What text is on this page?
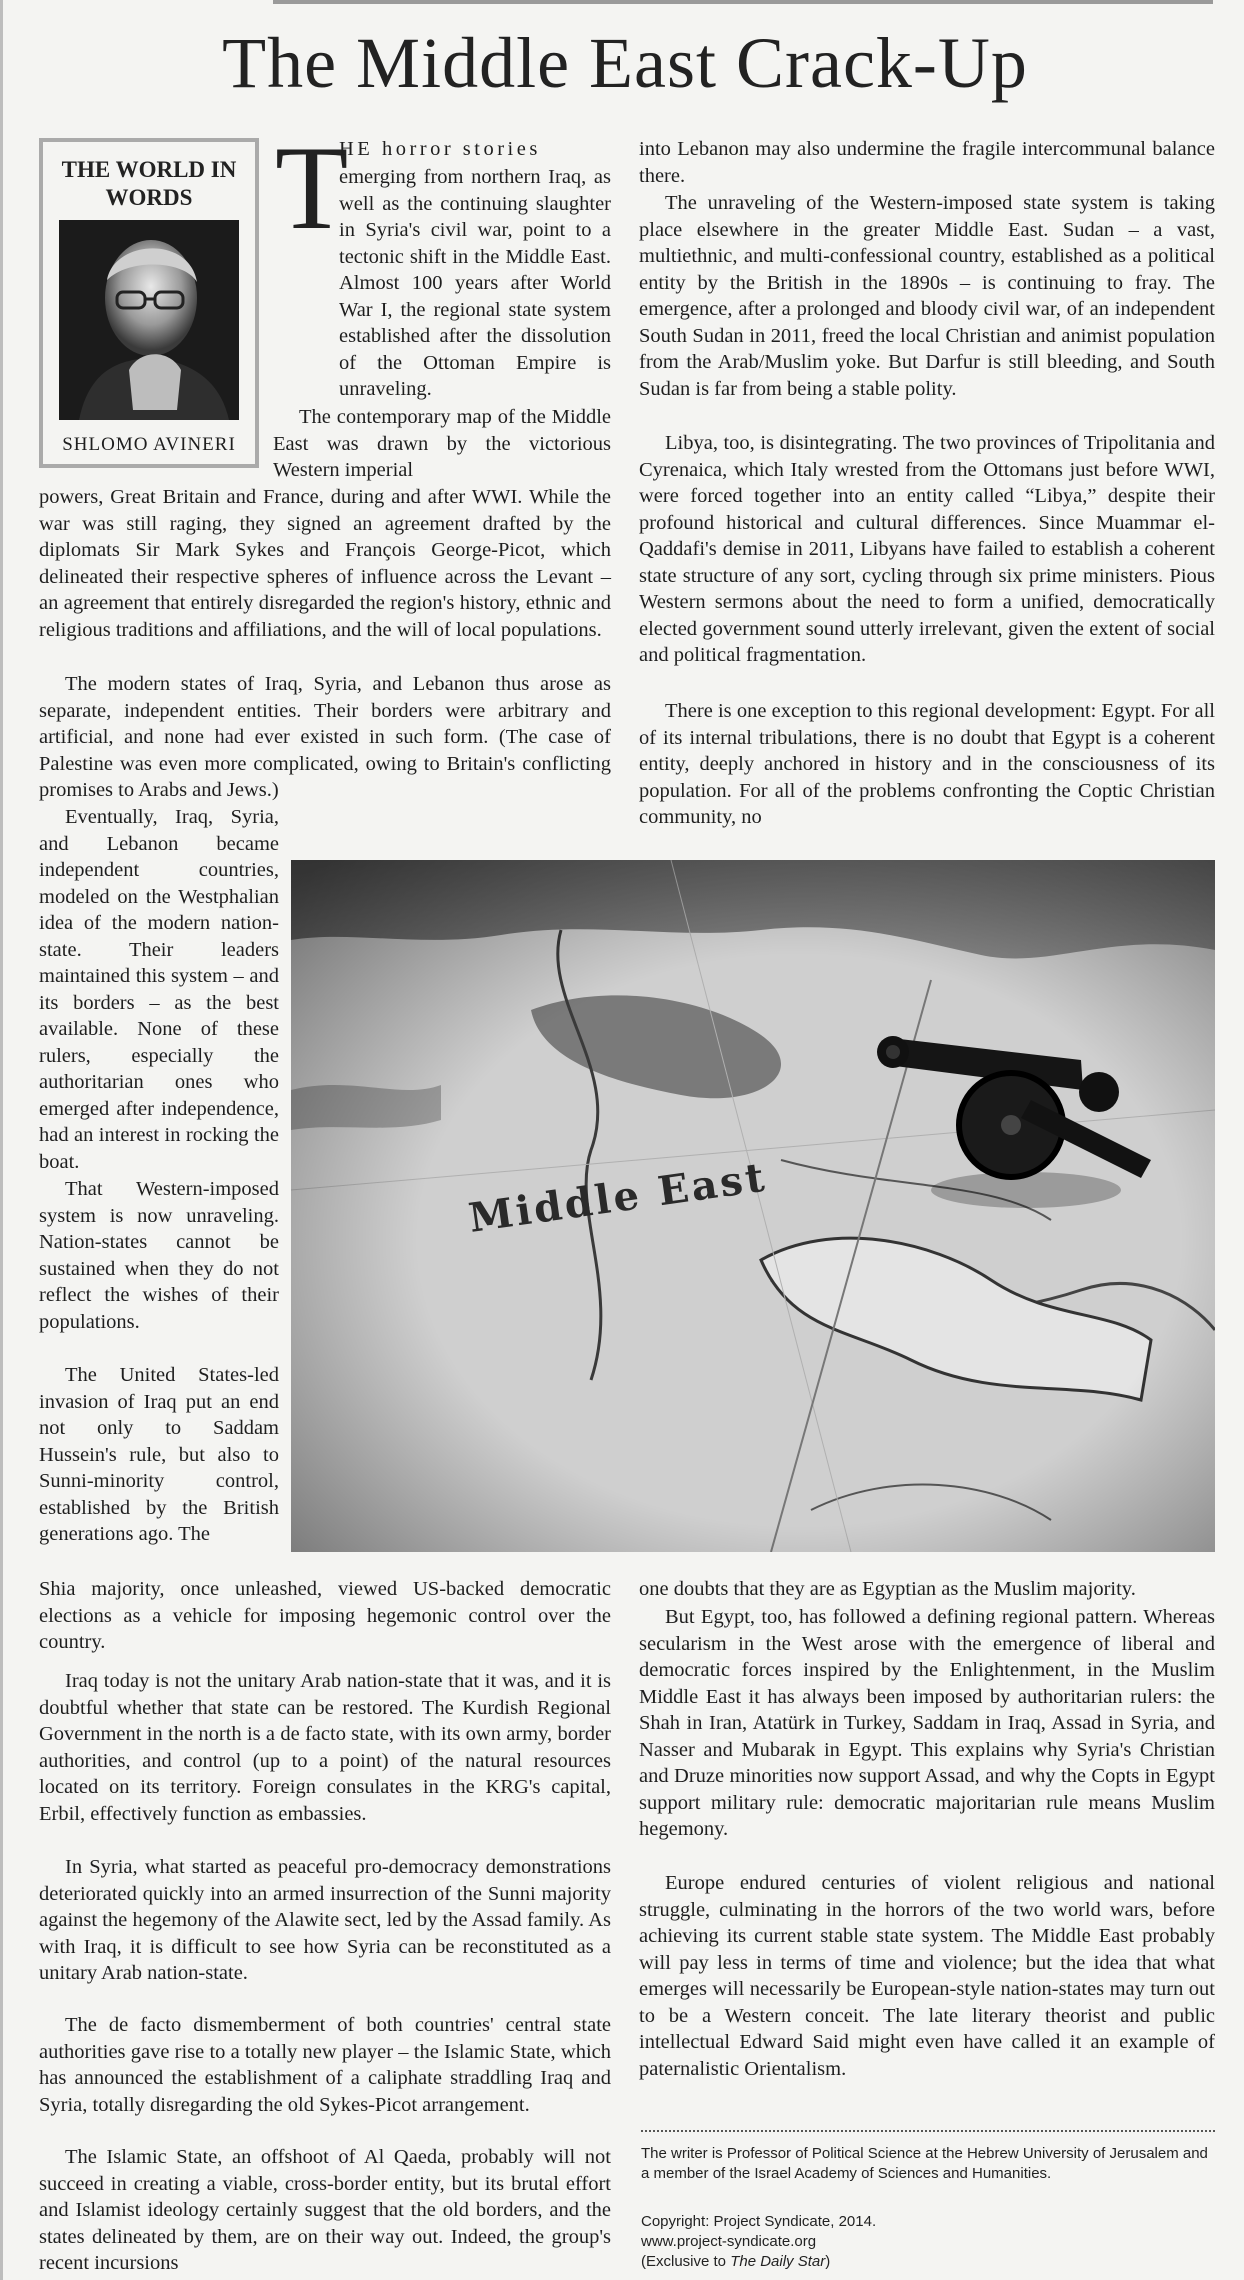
The Middle East Crack-Up
THE WORLD IN WORDS
SHLOMO AVINERI
T

HE horror stories

emerging from northern Iraq, as well as the continuing slaughter in Syria's civil war, point to a tectonic shift in the Middle East. Almost 100 years after World War I, the regional state system established after the dissolution of the Ottoman Empire is unraveling.

The contemporary map of the Middle East was drawn by the victorious Western imperial

powers, Great Britain and France, during and after WWI. While the war was still raging, they signed an agreement drafted by the diplomats Sir Mark Sykes and François George-Picot, which delineated their respective spheres of influence across the Levant – an agreement that entirely disregarded the region's history, ethnic and religious traditions and affiliations, and the will of local populations.

The modern states of Iraq, Syria, and Lebanon thus arose as separate, independent entities. Their borders were arbitrary and artificial, and none had ever existed in such form. (The case of Palestine was even more complicated, owing to Britain's conflicting promises to Arabs and Jews.)

Eventually, Iraq, Syria, and Lebanon became independent countries, modeled on the Westphalian idea of the modern nation-state. Their leaders maintained this system – and its borders – as the best available. None of these rulers, especially the authoritarian ones who emerged after independence, had an interest in rocking the boat.

That Western-imposed system is now unraveling. Nation-states cannot be sustained when they do not reflect the wishes of their populations.

The United States-led invasion of Iraq put an end not only to Saddam Hussein's rule, but also to Sunni-minority control, established by the British generations ago. The

Shia majority, once unleashed, viewed US-backed democratic elections as a vehicle for imposing hegemonic control over the country.

Iraq today is not the unitary Arab nation-state that it was, and it is doubtful whether that state can be restored. The Kurdish Regional Government in the north is a de facto state, with its own army, border authorities, and control (up to a point) of the natural resources located on its territory. Foreign consulates in the KRG's capital, Erbil, effectively function as embassies.

In Syria, what started as peaceful pro-democracy demonstrations deteriorated quickly into an armed insurrection of the Sunni majority against the hegemony of the Alawite sect, led by the Assad family. As with Iraq, it is difficult to see how Syria can be reconstituted as a unitary Arab nation-state.

The de facto dismemberment of both countries' central state authorities gave rise to a totally new player – the Islamic State, which has announced the establishment of a caliphate straddling Iraq and Syria, totally disregarding the old Sykes-Picot arrangement.

The Islamic State, an offshoot of Al Qaeda, probably will not succeed in creating a viable, cross-border entity, but its brutal effort and Islamist ideology certainly suggest that the old borders, and the states delineated by them, are on their way out. Indeed, the group's recent incursions

into Lebanon may also undermine the fragile intercommunal balance there.

The unraveling of the Western-imposed state system is taking place elsewhere in the greater Middle East. Sudan – a vast, multiethnic, and multi-confessional country, established as a political entity by the British in the 1890s – is continuing to fray. The emergence, after a prolonged and bloody civil war, of an independent South Sudan in 2011, freed the local Christian and animist population from the Arab/Muslim yoke. But Darfur is still bleeding, and South Sudan is far from being a stable polity.

Libya, too, is disintegrating. The two provinces of Tripolitania and Cyrenaica, which Italy wrested from the Ottomans just before WWI, were forced together into an entity called “Libya,” despite their profound historical and cultural differences. Since Muammar el-Qaddafi's demise in 2011, Libyans have failed to establish a coherent state structure of any sort, cycling through six prime ministers. Pious Western sermons about the need to form a unified, democratically elected government sound utterly irrelevant, given the extent of social and political fragmentation.

There is one exception to this regional development: Egypt. For all of its internal tribulations, there is no doubt that Egypt is a coherent entity, deeply anchored in history and in the consciousness of its population. For all of the problems confronting the Coptic Christian community, no

one doubts that they are as Egyptian as the Muslim majority.

But Egypt, too, has followed a defining regional pattern. Whereas secularism in the West arose with the emergence of liberal and democratic forces inspired by the Enlightenment, in the Muslim Middle East it has always been imposed by authoritarian rulers: the Shah in Iran, Atatürk in Turkey, Saddam in Iraq, Assad in Syria, and Nasser and Mubarak in Egypt. This explains why Syria's Christian and Druze minorities now support Assad, and why the Copts in Egypt support military rule: democratic majoritarian rule means Muslim hegemony.

Europe endured centuries of violent religious and national struggle, culminating in the horrors of the two world wars, before achieving its current stable state system. The Middle East probably will pay less in terms of time and violence; but the idea that what emerges will necessarily be European-style nation-states may turn out to be a Western conceit. The late literary theorist and public intellectual Edward Said might even have called it an example of paternalistic Orientalism.

The writer is Professor of Political Science at the Hebrew University of Jerusalem and a member of the Israel Academy of Sciences and Humanities.

Copyright: Project Syndicate, 2014.

www.project-syndicate.org

(Exclusive to The Daily Star)
